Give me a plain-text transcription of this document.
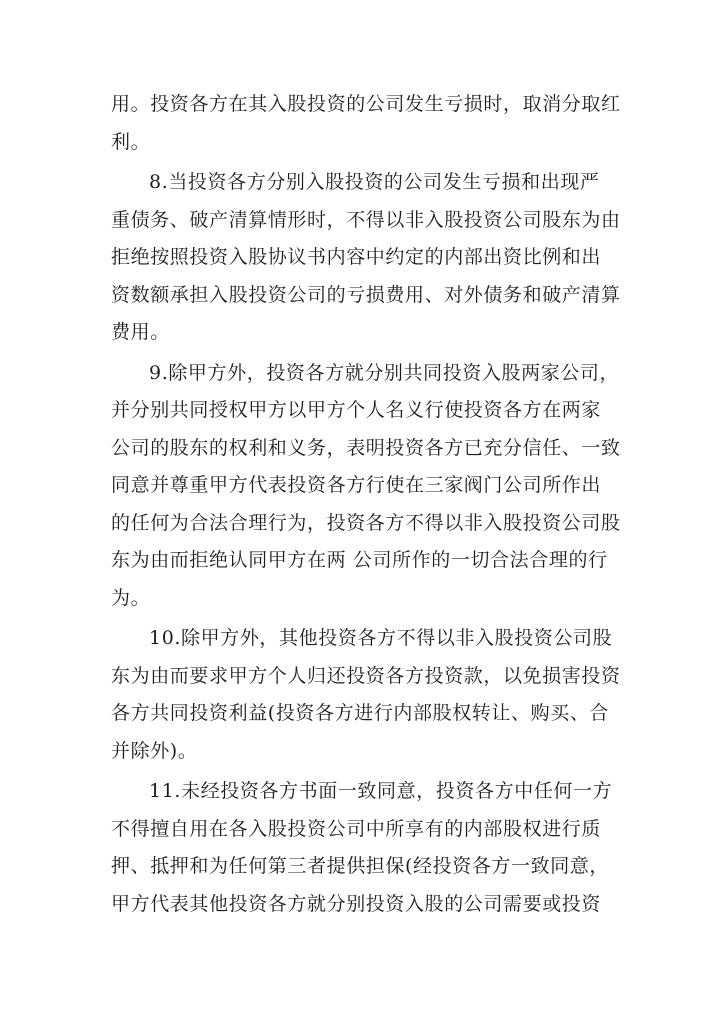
用。投资各方在其入股投资的公司发生亏损时，取消分取红
利。
8.当投资各方分别入股投资的公司发生亏损和出现严
重债务、破产清算情形时，不得以非入股投资公司股东为由
拒绝按照投资入股协议书内容中约定的内部出资比例和出
资数额承担入股投资公司的亏损费用、对外债务和破产清算
费用。
9.除甲方外，投资各方就分别共同投资入股两家公司，
并分别共同授权甲方以甲方个人名义行使投资各方在两家
公司的股东的权利和义务，表明投资各方已充分信任、一致
同意并尊重甲方代表投资各方行使在三家阀门公司所作出
的任何为合法合理行为，投资各方不得以非入股投资公司股
东为由而拒绝认同甲方在两 公司所作的一切合法合理的行
为。
10.除甲方外，其他投资各方不得以非入股投资公司股
东为由而要求甲方个人归还投资各方投资款，以免损害投资
各方共同投资利益(投资各方进行内部股权转让、购买、合
并除外)。
11.未经投资各方书面一致同意，投资各方中任何一方
不得擅自用在各入股投资公司中所享有的内部股权进行质
押、抵押和为任何第三者提供担保(经投资各方一致同意，
甲方代表其他投资各方就分别投资入股的公司需要或投资
